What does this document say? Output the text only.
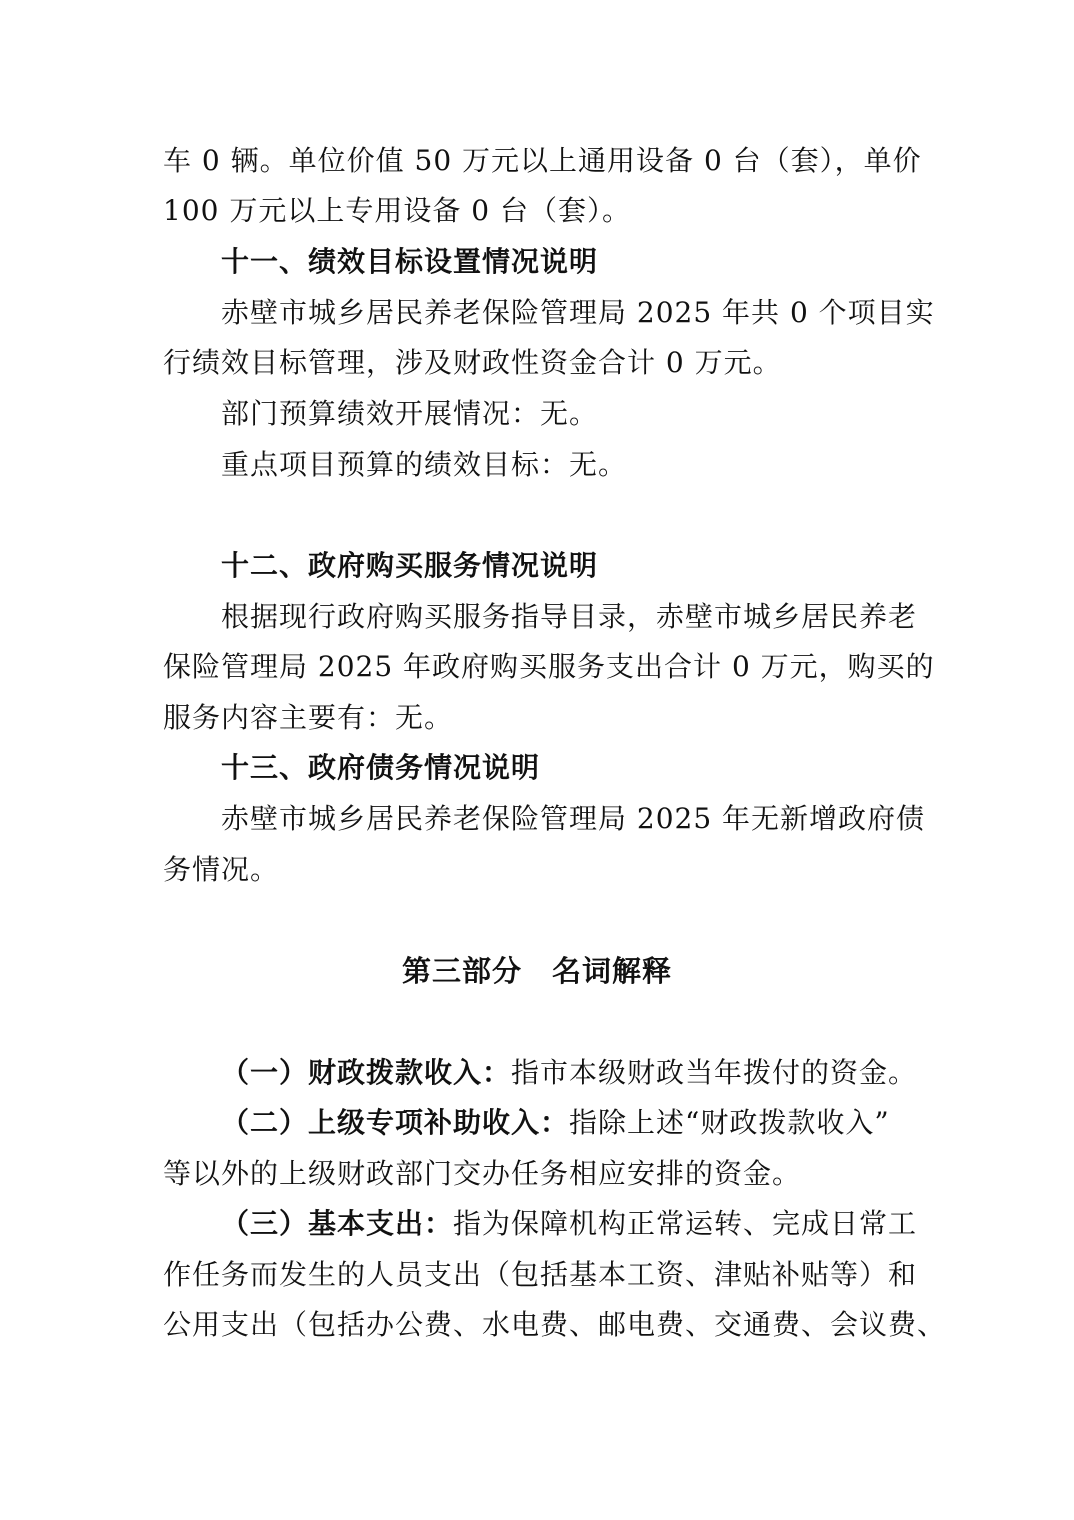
车 0 辆。单位价值 50 万元以上通用设备 0 台（套），单价
100 万元以上专用设备 0 台（套）。
十一、绩效目标设置情况说明
赤壁市城乡居民养老保险管理局 2025 年共 0 个项目实
行绩效目标管理，涉及财政性资金合计 0 万元。
部门预算绩效开展情况：无。
重点项目预算的绩效目标：无。
十二、政府购买服务情况说明
根据现行政府购买服务指导目录，赤壁市城乡居民养老
保险管理局 2025 年政府购买服务支出合计 0 万元，购买的
服务内容主要有：无。
十三、政府债务情况说明
赤壁市城乡居民养老保险管理局 2025 年无新增政府债
务情况。
第三部分　名词解释
（一）财政拨款收入：指市本级财政当年拨付的资金。
（二）上级专项补助收入：指除上述“财政拨款收入”
等以外的上级财政部门交办任务相应安排的资金。
（三）基本支出：指为保障机构正常运转、完成日常工
作任务而发生的人员支出（包括基本工资、津贴补贴等）和
公用支出（包括办公费、水电费、邮电费、交通费、会议费、
